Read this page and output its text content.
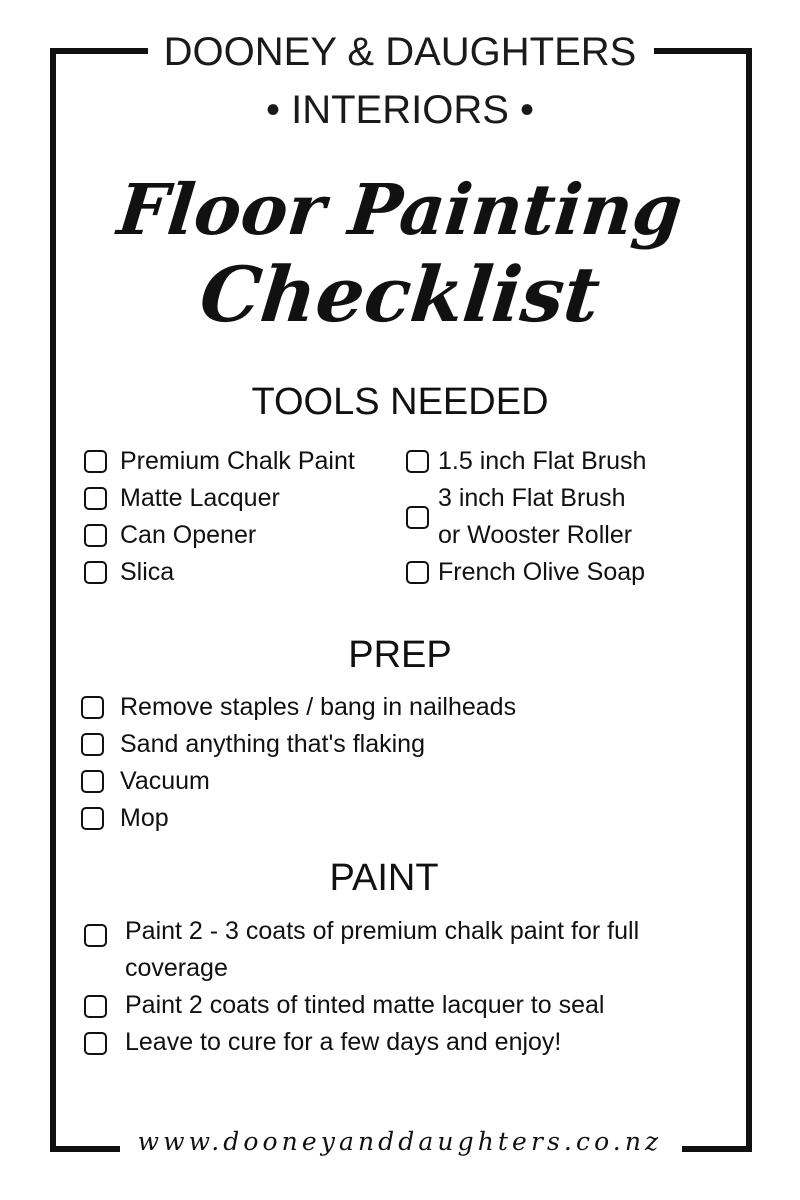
DOONEY & DAUGHTERS
• INTERIORS •
Floor Painting
Checklist
TOOLS NEEDED
Premium Chalk Paint
Matte Lacquer
Can Opener
Slica
1.5 inch Flat Brush
3 inch Flat Brush
or Wooster Roller
French Olive Soap
PREP
Remove staples / bang in nailheads
Sand anything that's flaking
Vacuum
Mop
PAINT
Paint 2 - 3 coats of premium chalk paint for full
coverage
Paint 2 coats of tinted matte lacquer to seal
Leave to cure for a few days and enjoy!
www.dooneyanddaughters.co.nz
